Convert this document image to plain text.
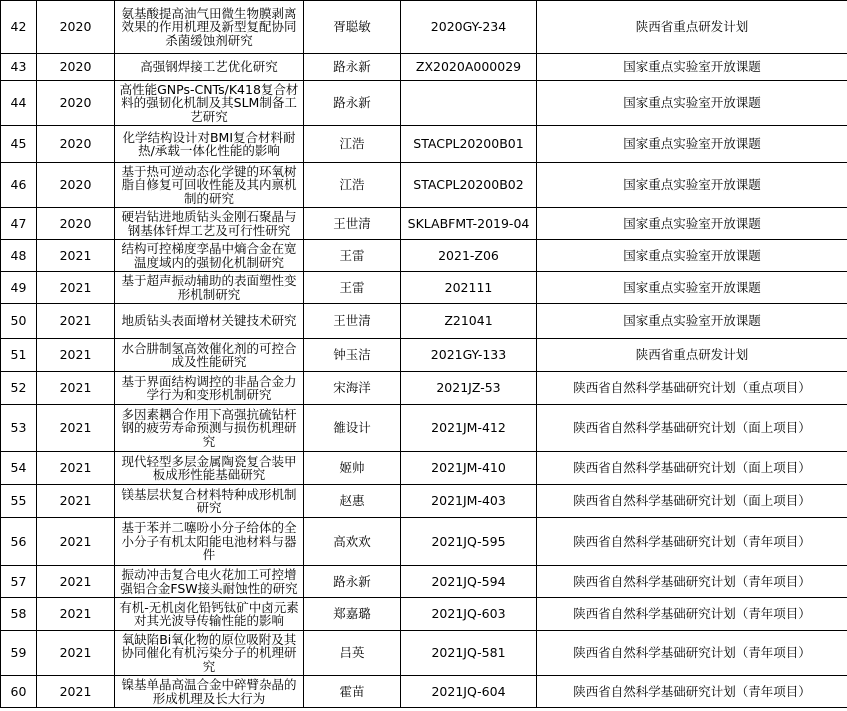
42	2020	氨基酸提高油气田微生物膜剥离效果的作用机理及新型复配协同杀菌缓蚀剂研究	胥聪敏	2020GY-234	陕西省重点研发计划
43	2020	高强钢焊接工艺优化研究	路永新	ZX2020A000029	国家重点实验室开放课题
44	2020	高性能GNPs-CNTs/K418复合材料的强韧化机制及其SLM制备工艺研究	路永新		国家重点实验室开放课题
45	2020	化学结构设计对BMI复合材料耐热/承载一体化性能的影响	江浩	STACPL20200B01	国家重点实验室开放课题
46	2020	基于热可逆动态化学键的环氧树脂自修复可回收性能及其内禀机制的研究	江浩	STACPL20200B02	国家重点实验室开放课题
47	2020	硬岩钻进地质钻头金刚石聚晶与钢基体钎焊工艺及可行性研究	王世清	SKLABFMT-2019-04	国家重点实验室开放课题
48	2021	结构可控梯度孪晶中熵合金在宽温度域内的强韧化机制研究	王雷	2021-Z06	国家重点实验室开放课题
49	2021	基于超声振动辅助的表面塑性变形机制研究	王雷	202111	国家重点实验室开放课题
50	2021	地质钻头表面增材关键技术研究	王世清	Z21041	国家重点实验室开放课题
51	2021	水合肼制氢高效催化剂的可控合成及性能研究	钟玉洁	2021GY-133	陕西省重点研发计划
52	2021	基于界面结构调控的非晶合金力学行为和变形机制研究	宋海洋	2021JZ-53	陕西省自然科学基础研究计划（重点项目）
53	2021	多因素耦合作用下高强抗硫钻杆钢的疲劳寿命预测与损伤机理研究	雒设计	2021JM-412	陕西省自然科学基础研究计划（面上项目）
54	2021	现代轻型多层金属陶瓷复合装甲板成形性能基础研究	姬帅	2021JM-410	陕西省自然科学基础研究计划（面上项目）
55	2021	镁基层状复合材料特种成形机制研究	赵惠	2021JM-403	陕西省自然科学基础研究计划（面上项目）
56	2021	基于苯并二噻吩小分子给体的全小分子有机太阳能电池材料与器件	高欢欢	2021JQ-595	陕西省自然科学基础研究计划（青年项目）
57	2021	振动冲击复合电火花加工可控增强铝合金FSW接头耐蚀性的研究	路永新	2021JQ-594	陕西省自然科学基础研究计划（青年项目）
58	2021	有机-无机卤化铅钙钛矿中卤元素对其光波导传输性能的影响	郑嘉璐	2021JQ-603	陕西省自然科学基础研究计划（青年项目）
59	2021	氧缺陷Bi氧化物的原位吸附及其协同催化有机污染分子的机理研究	吕英	2021JQ-581	陕西省自然科学基础研究计划（青年项目）
60	2021	镍基单晶高温合金中碎臂杂晶的形成机理及长大行为	霍苗	2021JQ-604	陕西省自然科学基础研究计划（青年项目）
